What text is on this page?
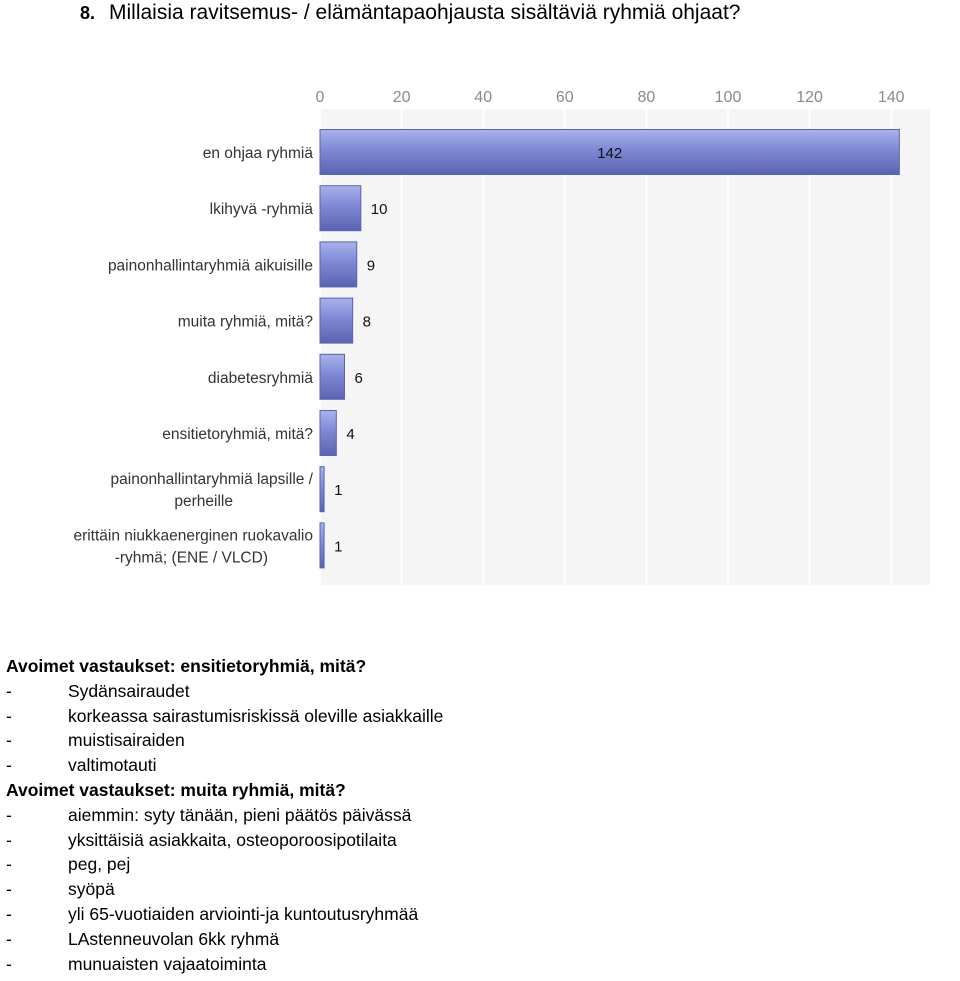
8. Millaisia ravitsemus- / elämäntapaohjausta sisältäviä ryhmiä ohjaat?
0	20	40	60	80	100	120	140
142
en ohjaa ryhmiä
10
lkihyvä -ryhmiä
9
painonhallintaryhmiä aikuisille
8
muita ryhmiä, mitä?
6
diabetesryhmiä
4
ensitietoryhmiä, mitä?
1
painonhallintaryhmiä lapsille /
perheille
1
erittäin niukkaenerginen ruokavalio
-ryhmä; (ENE / VLCD)
Avoimet vastaukset: ensitietoryhmiä, mitä?
-	Sydänsairaudet
-	korkeassa sairastumisriskissä oleville asiakkaille
-	muistisairaiden
-	valtimotauti
Avoimet vastaukset: muita ryhmiä, mitä?
-	aiemmin: syty tänään, pieni päätös päivässä
-	yksittäisiä asiakkaita, osteoporoosipotilaita
-	peg, pej
-	syöpä
-	yli 65-vuotiaiden arviointi-ja kuntoutusryhmää
-	LAstenneuvolan 6kk ryhmä
-	munuaisten vajaatoiminta
